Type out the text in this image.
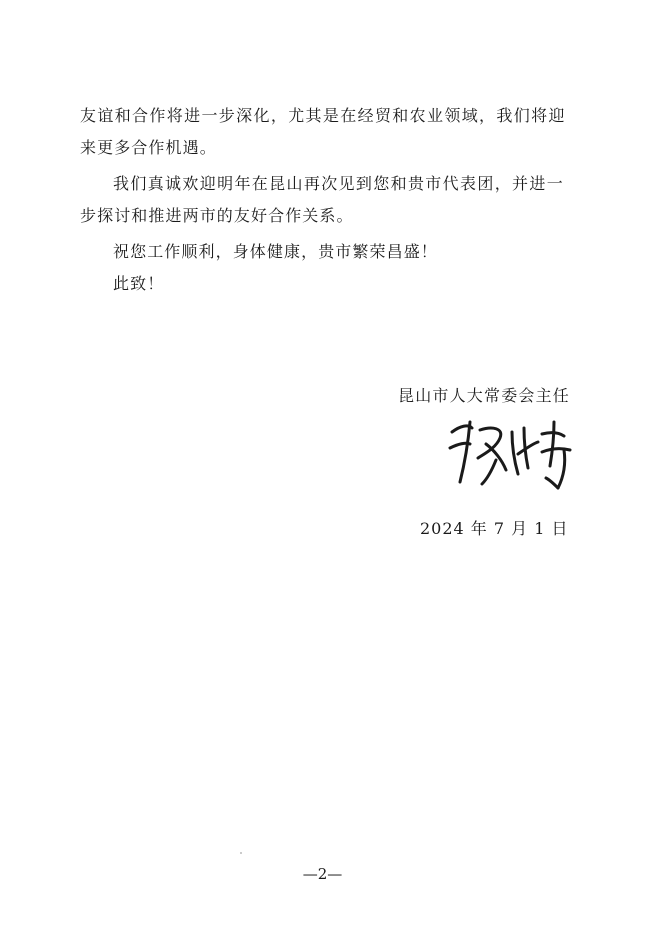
友谊和合作将进一步深化，尤其是在经贸和农业领域，我们将迎
来更多合作机遇。
我们真诚欢迎明年在昆山再次见到您和贵市代表团，并进一
步探讨和推进两市的友好合作关系。
祝您工作顺利，身体健康，贵市繁荣昌盛！
此致！
昆山市人大常委会主任
2024 年 7 月 1 日
—2—
